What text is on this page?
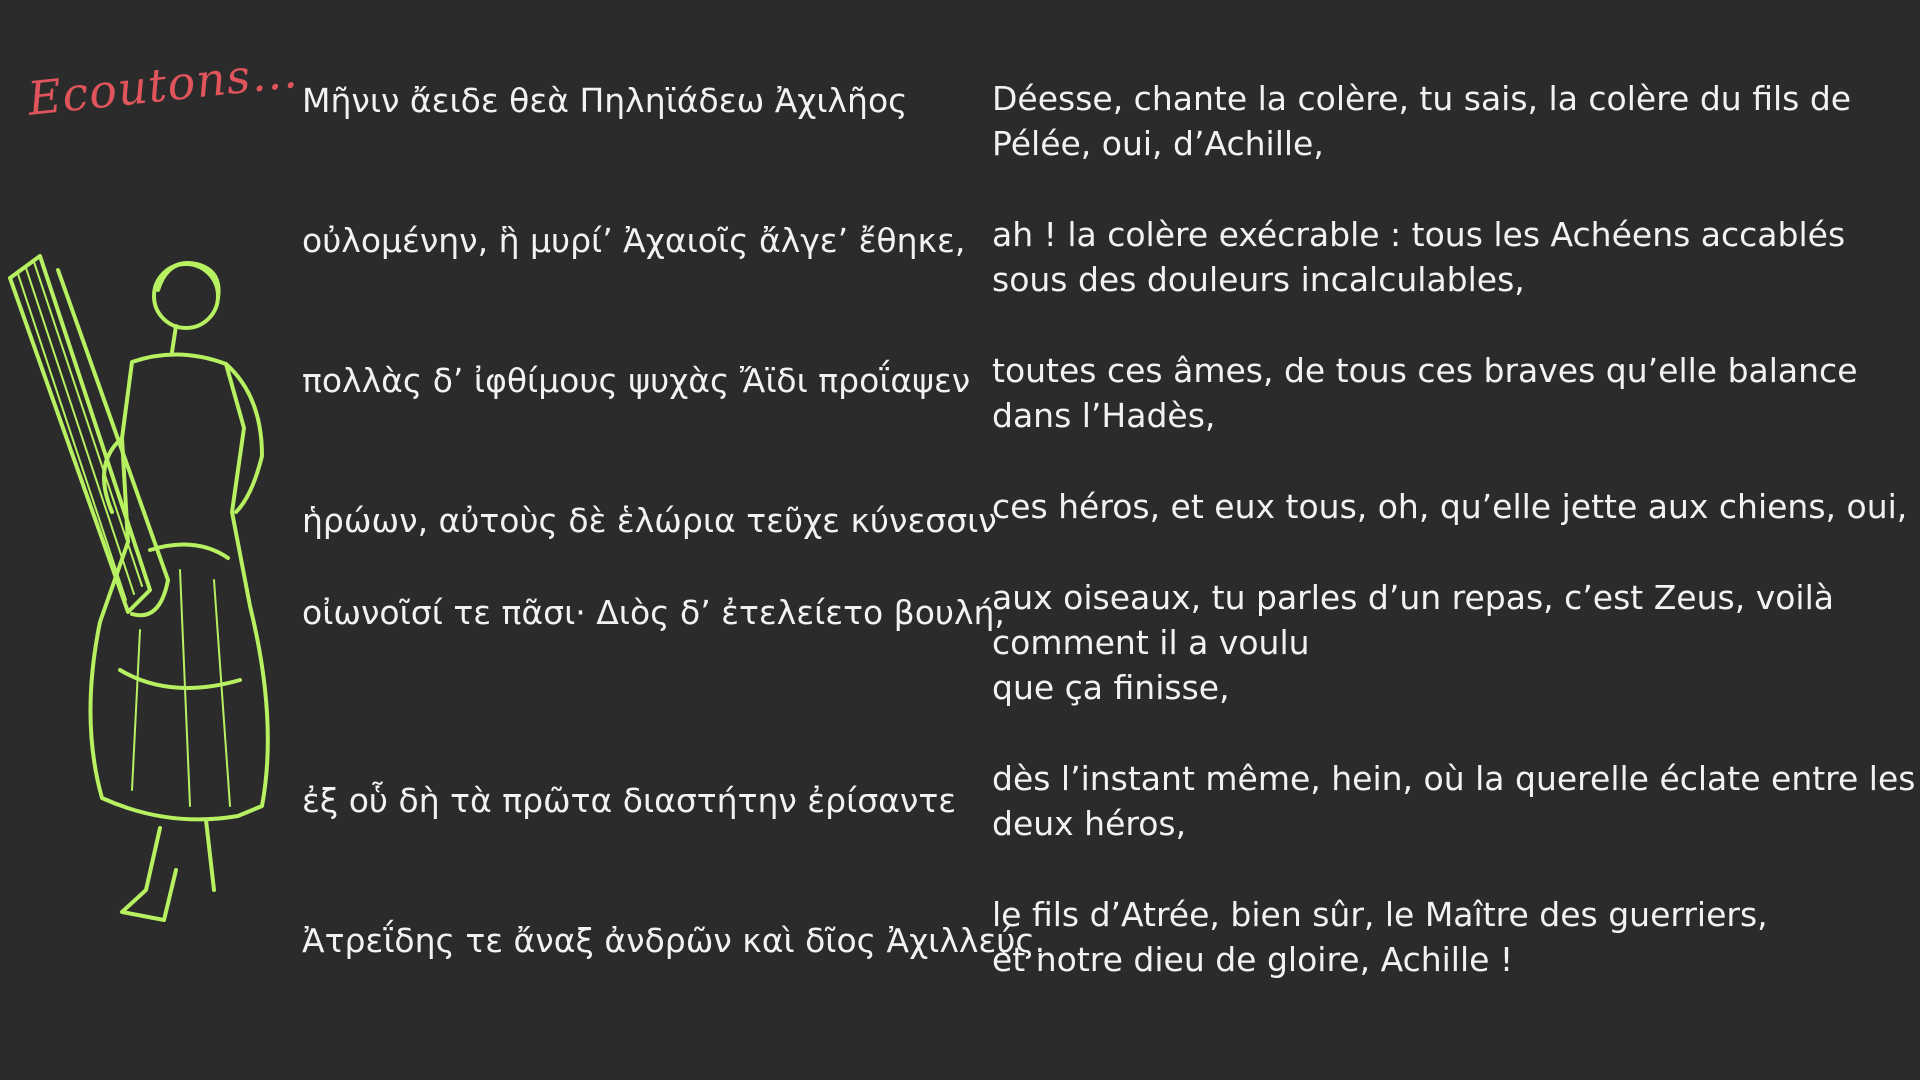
Ecoutons... Μῆνιν ἄειδε θεὰ Πηληϊάδεω Ἀχιλῆος	Déesse, chante la colère, tu sais, la colère du fils de
Pélée, oui, d’Achille,
οὐλομένην, ἣ μυρί’ Ἀχαιοῖς ἄλγε’ ἔθηκε, ah ! la colère exécrable : tous les Achéens accablés
sous des douleurs incalculables,
πολλὰς δ’ ἰφθίμους ψυχὰς Ἄϊδι προΐαψεν toutes ces âmes, de tous ces braves qu’elle balance
dans l’Hadès,
ἡρώων, αὐτοὺς δὲ ἑλώρια τεῦχε κύνεσσιν
ces héros, et eux tous, oh, qu’elle jette aux chiens, oui,
οἰωνοῖσί τε πᾶσι· Διὸς δ’ ἐτελείετο βουλή,
aux oiseaux, tu parles d’un repas, c’est Zeus, voilà
comment il a voulu
que ça finisse,
ἐξ οὗ δὴ τὰ πρῶτα διαστήτην ἐρίσαντε
dès l’instant même, hein, où la querelle éclate entre les
deux héros,
Ἀτρεΐδης τε ἄναξ ἀνδρῶν καὶ δῖος Ἀχιλλεύς.
le fils d’Atrée, bien sûr, le Maître des guerriers,
et notre dieu de gloire, Achille !
